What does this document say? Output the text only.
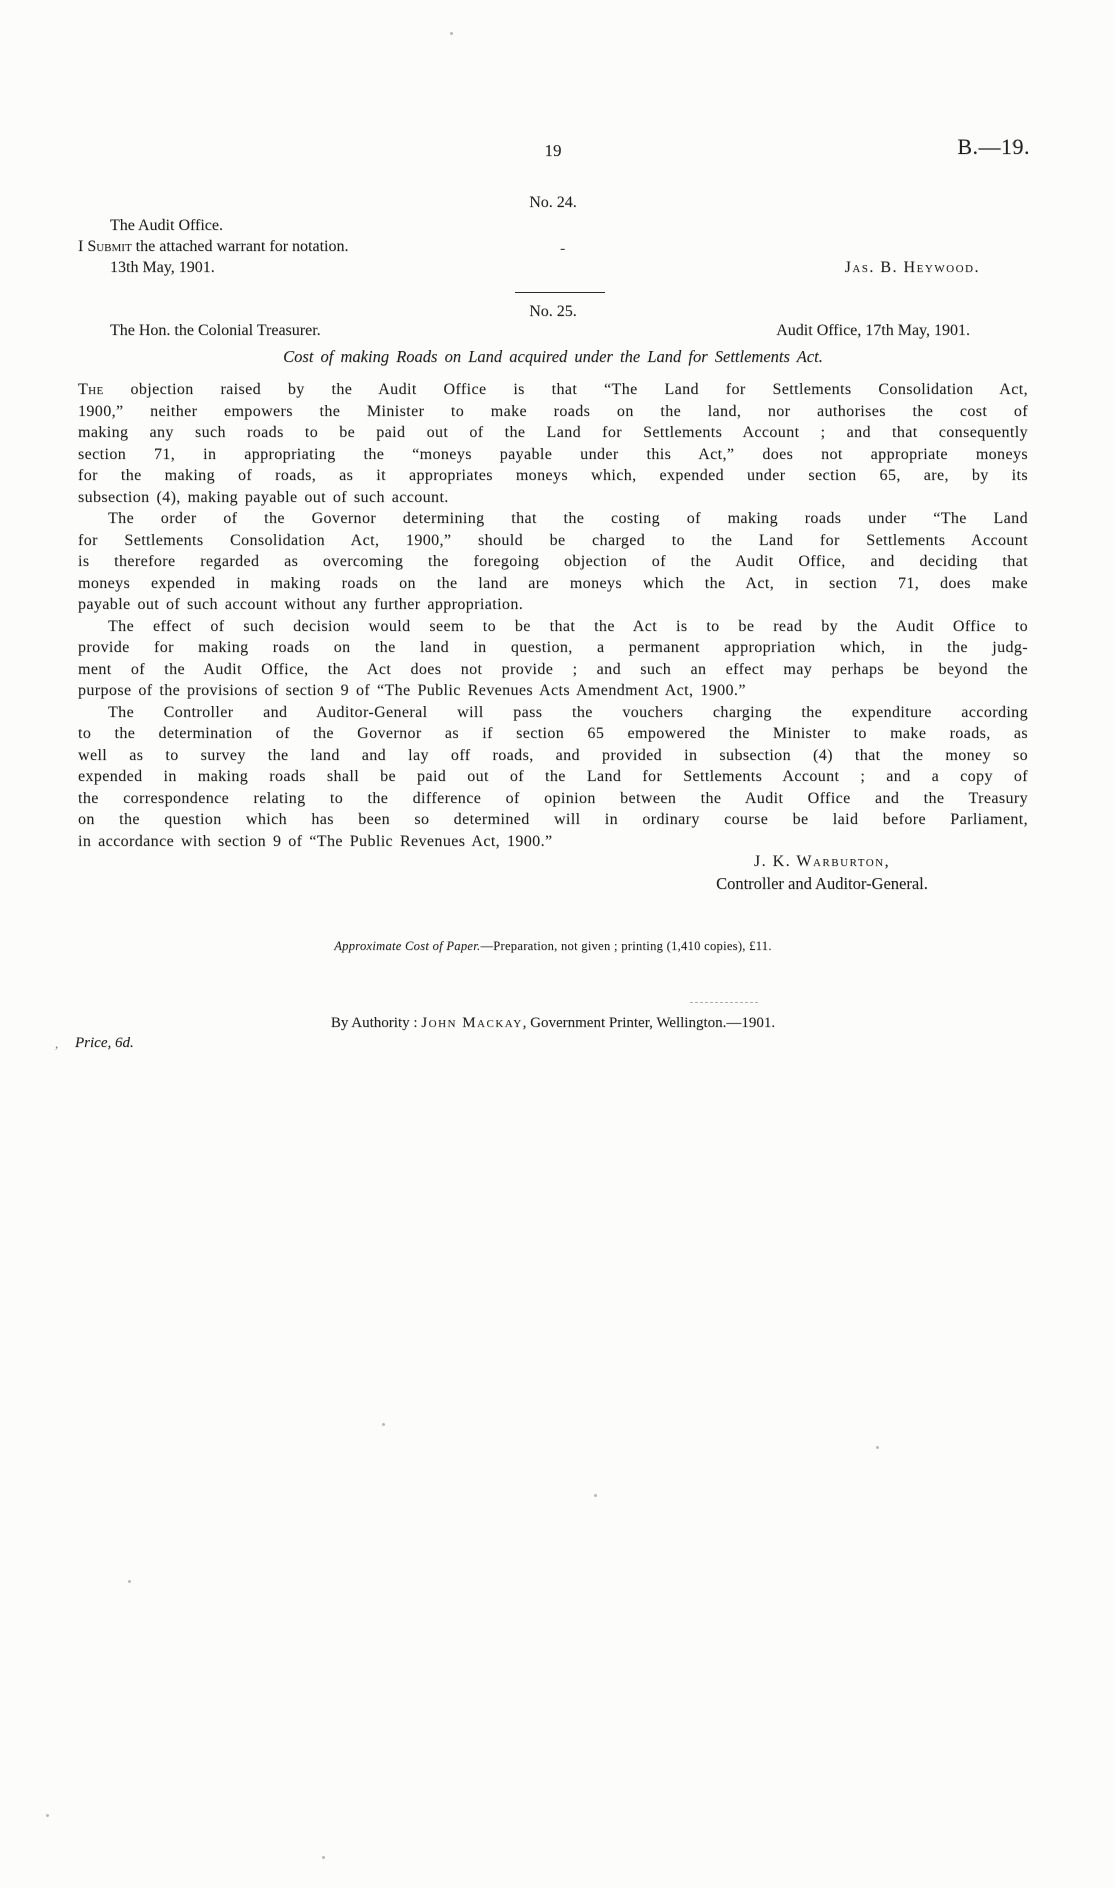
19	B.—19.
No. 24.
The Audit Office.
I Submit the attached warrant for notation.
13th May, 1901.	Jas. B. Heywood.
No. 25.
The Hon. the Colonial Treasurer.	Audit Office, 17th May, 1901.
Cost of making Roads on Land acquired under the Land for Settlements Act.
The objection raised by the Audit Office is that “The Land for Settlements Consolidation Act,
1900,” neither empowers the Minister to make roads on the land, nor authorises the cost of
making any such roads to be paid out of the Land for Settlements Account ; and that consequently
section 71, in appropriating the “moneys payable under this Act,” does not appropriate moneys
for the making of roads, as it appropriates moneys which, expended under section 65, are, by its
subsection (4), making payable out of such account.
The order of the Governor determining that the costing of making roads under “The Land
for Settlements Consolidation Act, 1900,” should be charged to the Land for Settlements Account
is therefore regarded as overcoming the foregoing objection of the Audit Office, and deciding that
moneys expended in making roads on the land are moneys which the Act, in section 71, does make
payable out of such account without any further appropriation.
The effect of such decision would seem to be that the Act is to be read by the Audit Office to
provide for making roads on the land in question, a permanent appropriation which, in the judg-
ment of the Audit Office, the Act does not provide ; and such an effect may perhaps be beyond the
purpose of the provisions of section 9 of “The Public Revenues Acts Amendment Act, 1900.”
The Controller and Auditor-General will pass the vouchers charging the expenditure according
to the determination of the Governor as if section 65 empowered the Minister to make roads, as
well as to survey the land and lay off roads, and provided in subsection (4) that the money so
expended in making roads shall be paid out of the Land for Settlements Account ; and a copy of
the correspondence relating to the difference of opinion between the Audit Office and the Treasury
on the question which has been so determined will in ordinary course be laid before Parliament,
in accordance with section 9 of “The Public Revenues Act, 1900.”
J. K. Warburton,
Controller and Auditor-General.
Approximate Cost of Paper.—Preparation, not given ; printing (1,410 copies), £11.
By Authority : John Mackay, Government Printer, Wellington.—1901.
Price, 6d.
-
,
